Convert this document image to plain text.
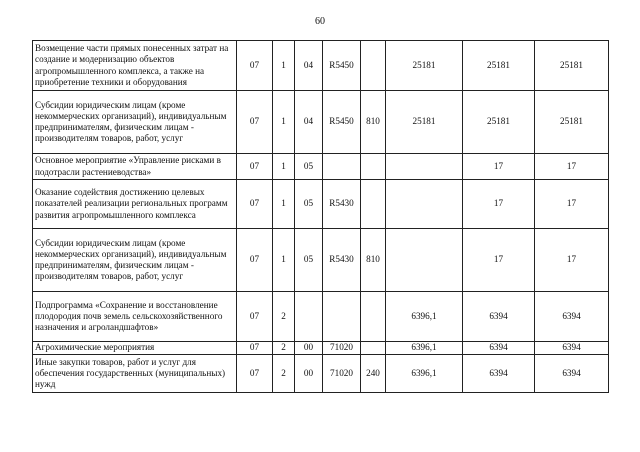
60
Возмещение части прямых понесенных затрат на создание и модернизацию объектов агропромышленного комплекса, а также на приобретение техники и оборудования	07	1	04	R5450		25181	25181	25181
Субсидии юридическим лицам (кроме некоммерческих организаций), индивидуальным предпринимателям, физическим лицам - производителям товаров, работ, услуг	07	1	04	R5450	810	25181	25181	25181
Основное мероприятие «Управление рисками в подотрасли растениеводства»	07	1	05				17	17
Оказание содействия достижению целевых показателей реализации региональных программ развития агропромышленного комплекса	07	1	05	R5430			17	17
Субсидии юридическим лицам (кроме некоммерческих организаций), индивидуальным предпринимателям, физическим лицам - производителям товаров, работ, услуг	07	1	05	R5430	810		17	17
Подпрограмма «Сохранение и восстановление плодородия почв земель сельскохозяйственного назначения и агроландшафтов»	07	2				6396,1	6394	6394
Агрохимические мероприятия	07	2	00	71020		6396,1	6394	6394
Иные закупки товаров, работ и услуг для обеспечения государственных (муниципальных) нужд	07	2	00	71020	240	6396,1	6394	6394
